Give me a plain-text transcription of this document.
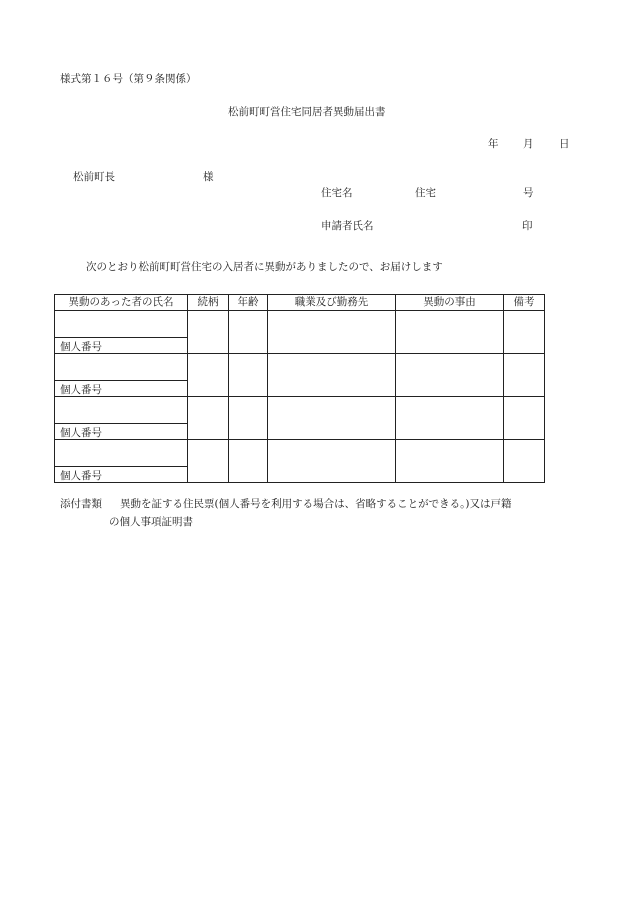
様式第１６号（第９条関係）
松前町町営住宅同居者異動届出書
年 月 日
松前町長	様
住宅名	住宅	号
申請者氏名	印
次のとおり松前町町営住宅の入居者に異動がありましたので、お届けします
異動のあった者の氏名	続柄	年齢	職業及び勤務先	異動の事由	備考

個人番号					

個人番号					

個人番号					

個人番号					
添付書類 異動を証する住民票(個人番号を利用する場合は、省略することができる。)又は戸籍
の個人事項証明書
